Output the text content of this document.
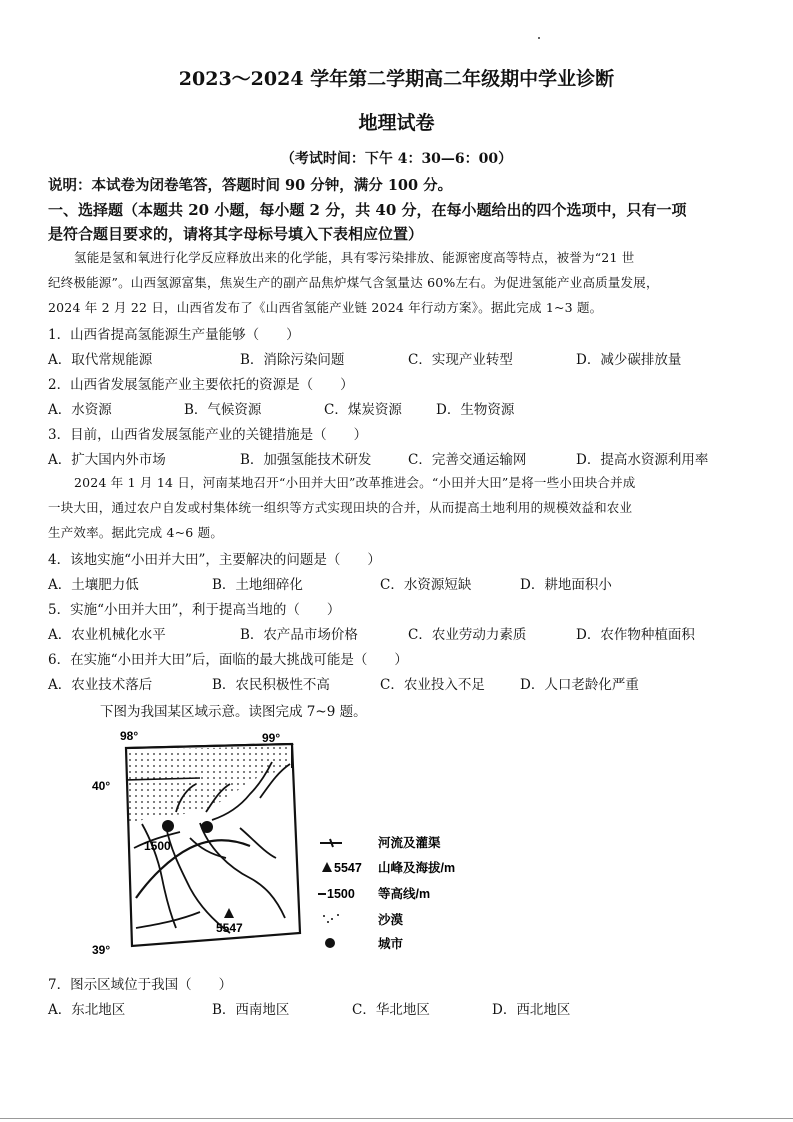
2023～2024 学年第二学期高二年级期中学业诊断
地理试卷
（考试时间：下午 4：30—6：00）
说明：本试卷为闭卷笔答，答题时间 90 分钟，满分 100 分。
一、选择题（本题共 20 小题，每小题 2 分，共 40 分，在每小题给出的四个选项中，只有一项
是符合题目要求的，请将其字母标号填入下表相应位置）
氢能是氢和氧进行化学反应释放出来的化学能，具有零污染排放、能源密度高等特点，被誉为“21 世
纪终极能源”。山西氢源富集，焦炭生产的副产品焦炉煤气含氢量达 60%左右。为促进氢能产业高质量发展，
2024 年 2 月 22 日，山西省发布了《山西省氢能产业链 2024 年行动方案》。据此完成 1~3 题。
1．山西省提高氢能源生产量能够（　　）
A．取代常规能源	B．消除污染问题	C．实现产业转型	D．减少碳排放量
2．山西省发展氢能产业主要依托的资源是（　　）
A．水资源	B．气候资源	C．煤炭资源	D．生物资源
3．目前，山西省发展氢能产业的关键措施是（　　）
A．扩大国内外市场	B．加强氢能技术研发	C．完善交通运输网	D．提高水资源利用率
2024 年 1 月 14 日，河南某地召开“小田并大田”改革推进会。“小田并大田”是将一些小田块合并成
一块大田，通过农户自发或村集体统一组织等方式实现田块的合并，从而提高土地利用的规模效益和农业
生产效率。据此完成 4~6 题。
4．该地实施“小田并大田”，主要解决的问题是（　　）
A．土壤肥力低	B．土地细碎化	C．水资源短缺	D．耕地面积小
5．实施“小田并大田”，利于提高当地的（　　）
A．农业机械化水平	B．农产品市场价格	C．农业劳动力素质	D．农作物种植面积
6．在实施“小田并大田”后，面临的最大挑战可能是（　　）
A．农业技术落后	B．农民积极性不高	C．农业投入不足	D．人口老龄化严重
下图为我国某区域示意。读图完成 7~9 题。
98°	99°
40°
39°
1500
5547
河流及灌渠
5547 山峰及海拔/m
1500 等高线/m
沙漠
城市
7．图示区域位于我国（　　）
A．东北地区	B．西南地区	C．华北地区	D．西北地区
